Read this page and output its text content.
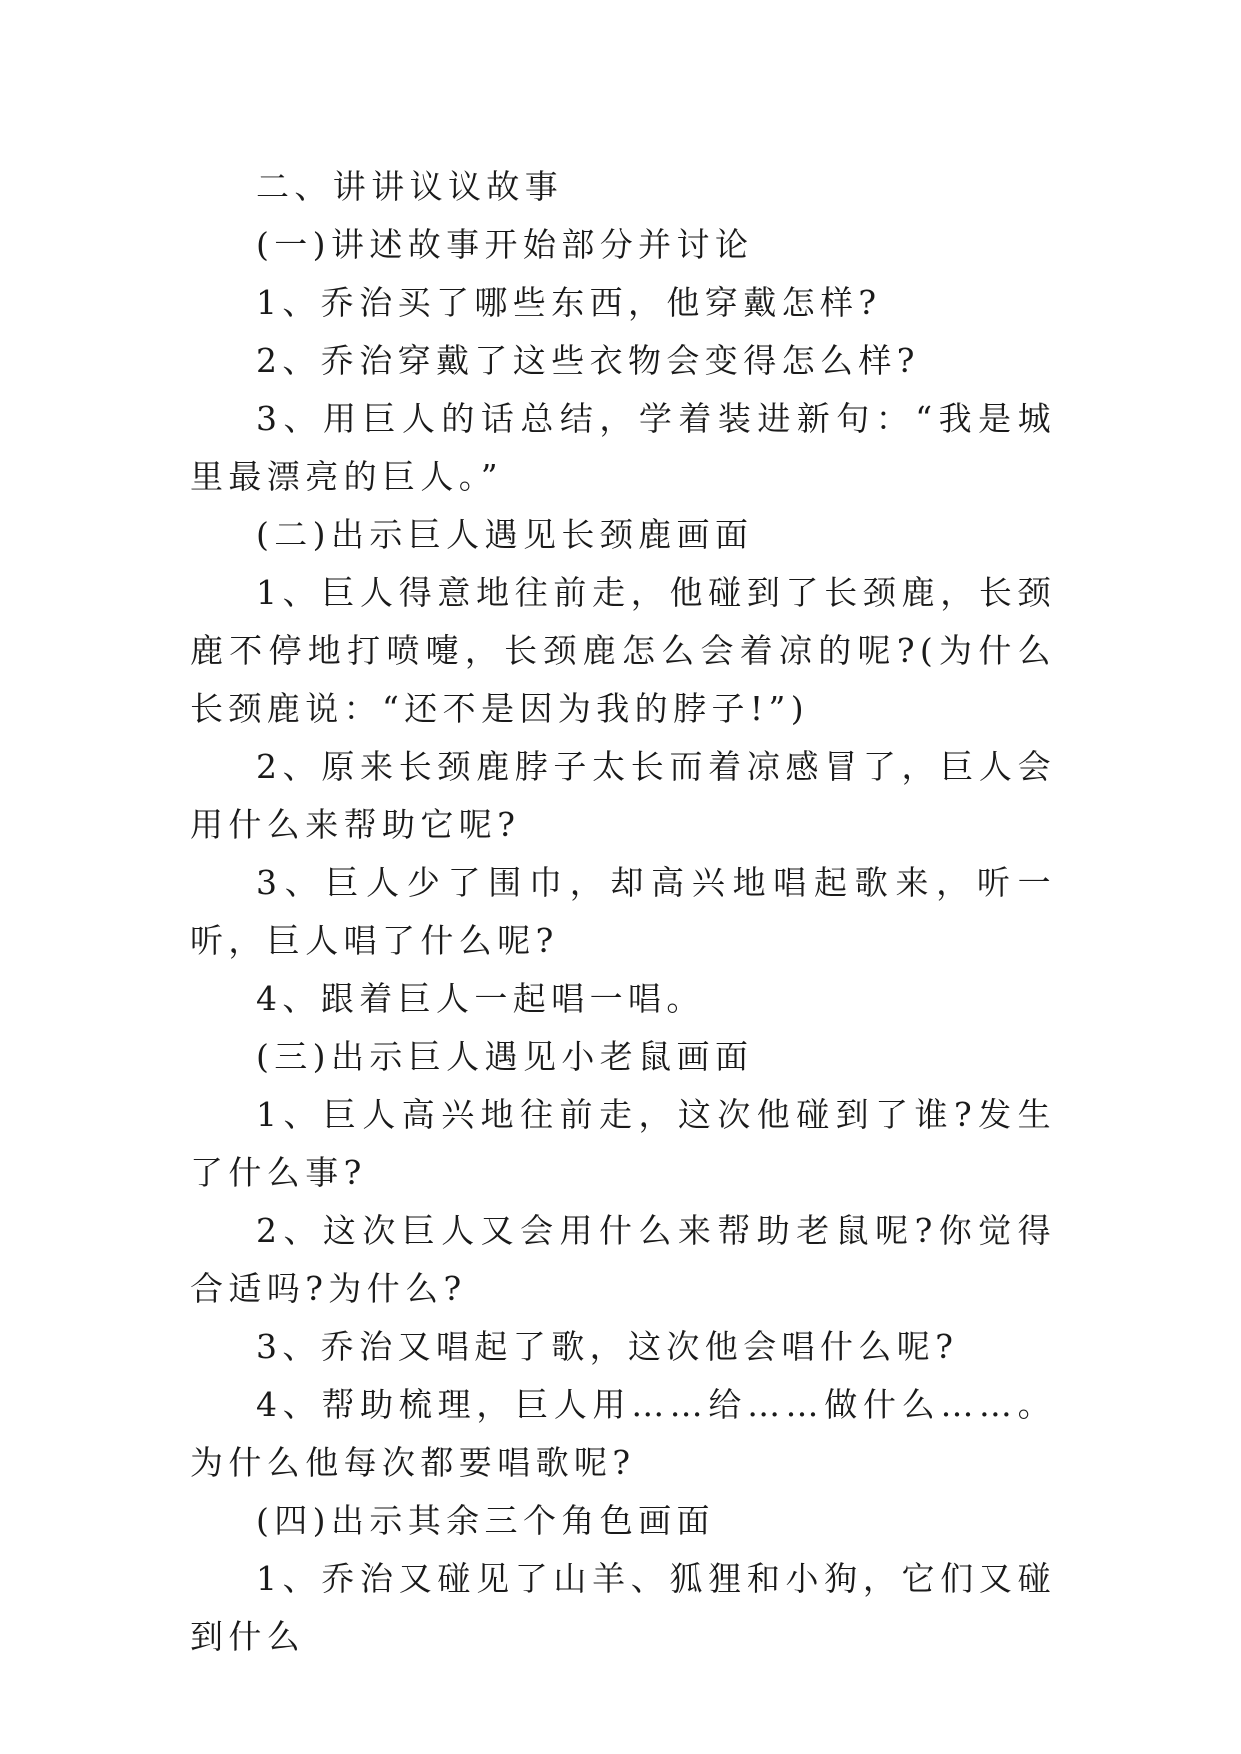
二、讲讲议议故事

(一)讲述故事开始部分并讨论

1、乔治买了哪些东西，他穿戴怎样?

2、乔治穿戴了这些衣物会变得怎么样?

3、用巨人的话总结，学着装进新句：“我是城里最漂亮的巨人。”

(二)出示巨人遇见长颈鹿画面

1、巨人得意地往前走，他碰到了长颈鹿，长颈鹿不停地打喷嚏，长颈鹿怎么会着凉的呢?(为什么长颈鹿说：“还不是因为我的脖子!”)

2、原来长颈鹿脖子太长而着凉感冒了，巨人会用什么来帮助它呢?

3、巨人少了围巾，却高兴地唱起歌来，听一听，巨人唱了什么呢?

4、跟着巨人一起唱一唱。

(三)出示巨人遇见小老鼠画面

1、巨人高兴地往前走，这次他碰到了谁?发生了什么事?

2、这次巨人又会用什么来帮助老鼠呢?你觉得合适吗?为什么?

3、乔治又唱起了歌，这次他会唱什么呢?

4、帮助梳理，巨人用……给……做什么……。为什么他每次都要唱歌呢?

(四)出示其余三个角色画面

1、乔治又碰见了山羊、狐狸和小狗，它们又碰到什么
